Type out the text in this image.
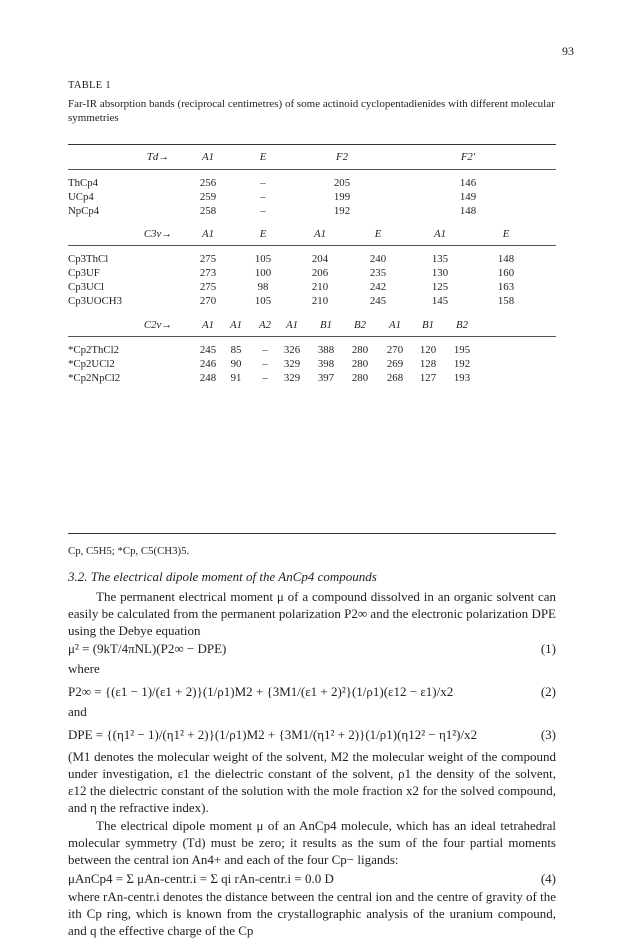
93
TABLE 1
Far-IR absorption bands (reciprocal centimetres) of some actinoid cyclopentadienides with different molecular symmetries
Td→	A1	E	F2	F2′
ThCp4	256	–	205	146
UCp4	259	–	199	149
NpCp4	258	–	192	148
C3v→	A1	E	A1	E	A1	E
Cp3ThCl	275	105	204	240	135	148
Cp3UF	273	100	206	235	130	160
Cp3UCl	275	98	210	242	125	163
Cp3UOCH3	270	105	210	245	145	158
C2v→	A1 A1 A2 A1 B1 B2 A1 B1 B2
*Cp2ThCl2	245 85 – 326 388 280 270 120 195
*Cp2UCl2	246 90 – 329 398 280 269 128 192
*Cp2NpCl2	248 91 – 329 397 280 268 127 193
Cp, C5H5; *Cp, C5(CH3)5.
3.2. The electrical dipole moment of the AnCp4 compounds
The permanent electrical moment μ of a compound dissolved in an organic solvent can easily be calculated from the permanent polarization P2∞ and the electronic polarization DPE using the Debye equation
μ² = (9kT/4πNL)(P2∞ − DPE)	(1)
where
P2∞ = {(ε1 − 1)/(ε1 + 2)}(1/ρ1)M2 + {3M1/(ε1 + 2)²}(1/ρ1)(ε12 − ε1)/x2	(2)
and
DPE = {(η1² − 1)/(η1² + 2)}(1/ρ1)M2 + {3M1/(η1² + 2)}(1/ρ1)(η12² − η1²)/x2	(3)
(M1 denotes the molecular weight of the solvent, M2 the molecular weight of the compound under investigation, ε1 the dielectric constant of the solvent, ρ1 the density of the solvent, ε12 the dielectric constant of the solution with the mole fraction x2 for the solved compound, and η the refractive index).
The electrical dipole moment μ of an AnCp4 molecule, which has an ideal tetrahedral molecular symmetry (Td) must be zero; it results as the sum of the four partial moments between the central ion An4+ and each of the four Cp− ligands:
μAnCp4 = Σ μAn-centr.i = Σ qi rAn-centr.i = 0.0 D	(4)
where rAn-centr.i denotes the distance between the central ion and the centre of gravity of the ith Cp ring, which is known from the crystallographic analysis of the uranium compound, and q the effective charge of the Cp
